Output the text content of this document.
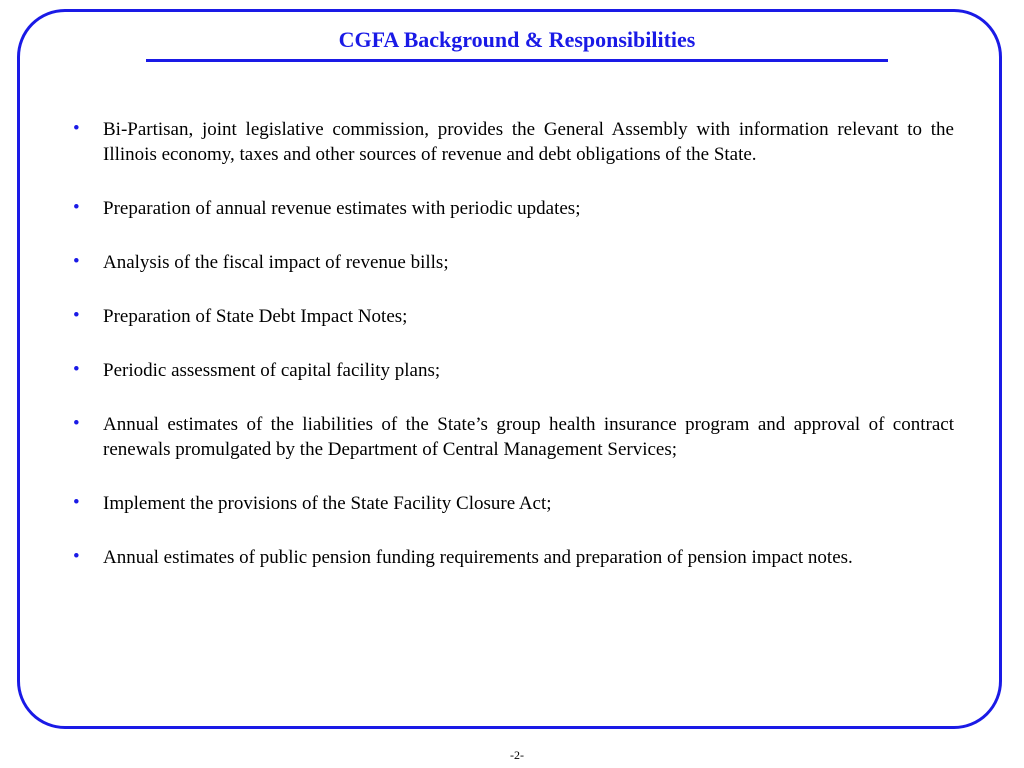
CGFA Background & Responsibilities
• Bi-Partisan, joint legislative commission, provides the General Assembly with information relevant to the Illinois economy, taxes and other sources of revenue and debt obligations of the State.
• Preparation of annual revenue estimates with periodic updates;
• Analysis of the fiscal impact of revenue bills;
• Preparation of State Debt Impact Notes;
• Periodic assessment of capital facility plans;
• Annual estimates of the liabilities of the State’s group health insurance program and approval of contract renewals promulgated by the Department of Central Management Services;
• Implement the provisions of the State Facility Closure Act;
• Annual estimates of public pension funding requirements and preparation of pension impact notes.
-2-
